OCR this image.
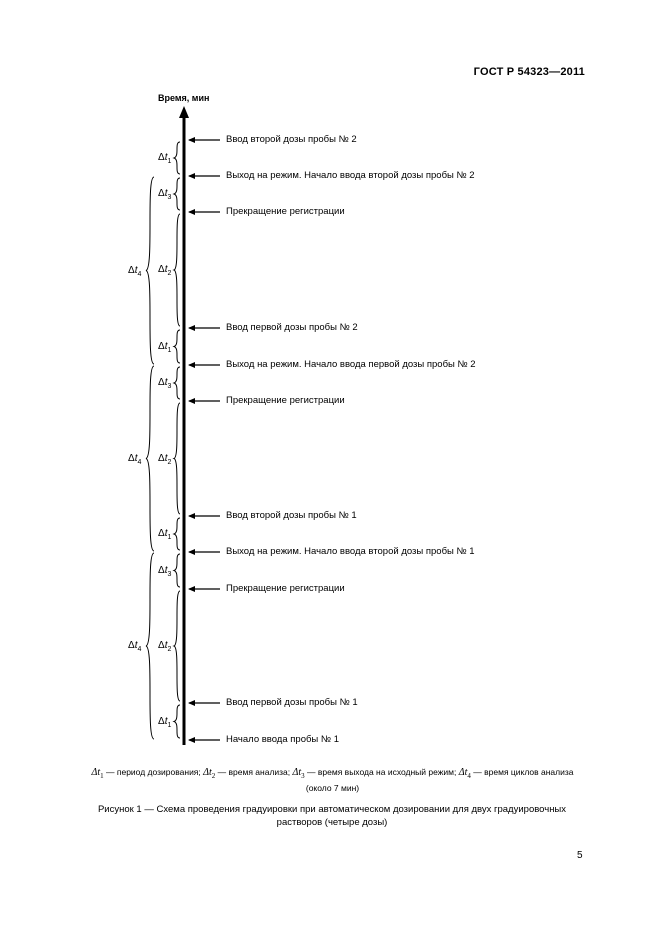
ГОСТ Р 54323—2011
Время, мин
Ввод второй дозы пробы № 2
Выход на режим. Начало ввода второй дозы пробы № 2
Прекращение регистрации
Ввод первой дозы пробы № 2
Выход на режим. Начало ввода первой дозы пробы № 2
Прекращение регистрации
Ввод второй дозы пробы № 1
Выход на режим. Начало ввода второй дозы пробы № 1
Прекращение регистрации
Ввод первой дозы пробы № 1
Начало ввода пробы № 1
$\Delta t_1$
$\Delta t_3$
$\Delta t_2$
$\Delta t_1$
$\Delta t_3$
$\Delta t_2$
$\Delta t_1$
$\Delta t_3$
$\Delta t_2$
$\Delta t_1$
$\Delta t_4$
$\Delta t_4$
$\Delta t_4$
$\Delta t_1$ — период дозирования; $\Delta t_2$ — время анализа; $\Delta t_3$ — время выхода на исходный режим; $\Delta t_4$ — время циклов анализа
(около 7 мин)
Рисунок 1 — Схема проведения градуировки при автоматическом дозировании для двух градуировочных
растворов (четыре дозы)
5
